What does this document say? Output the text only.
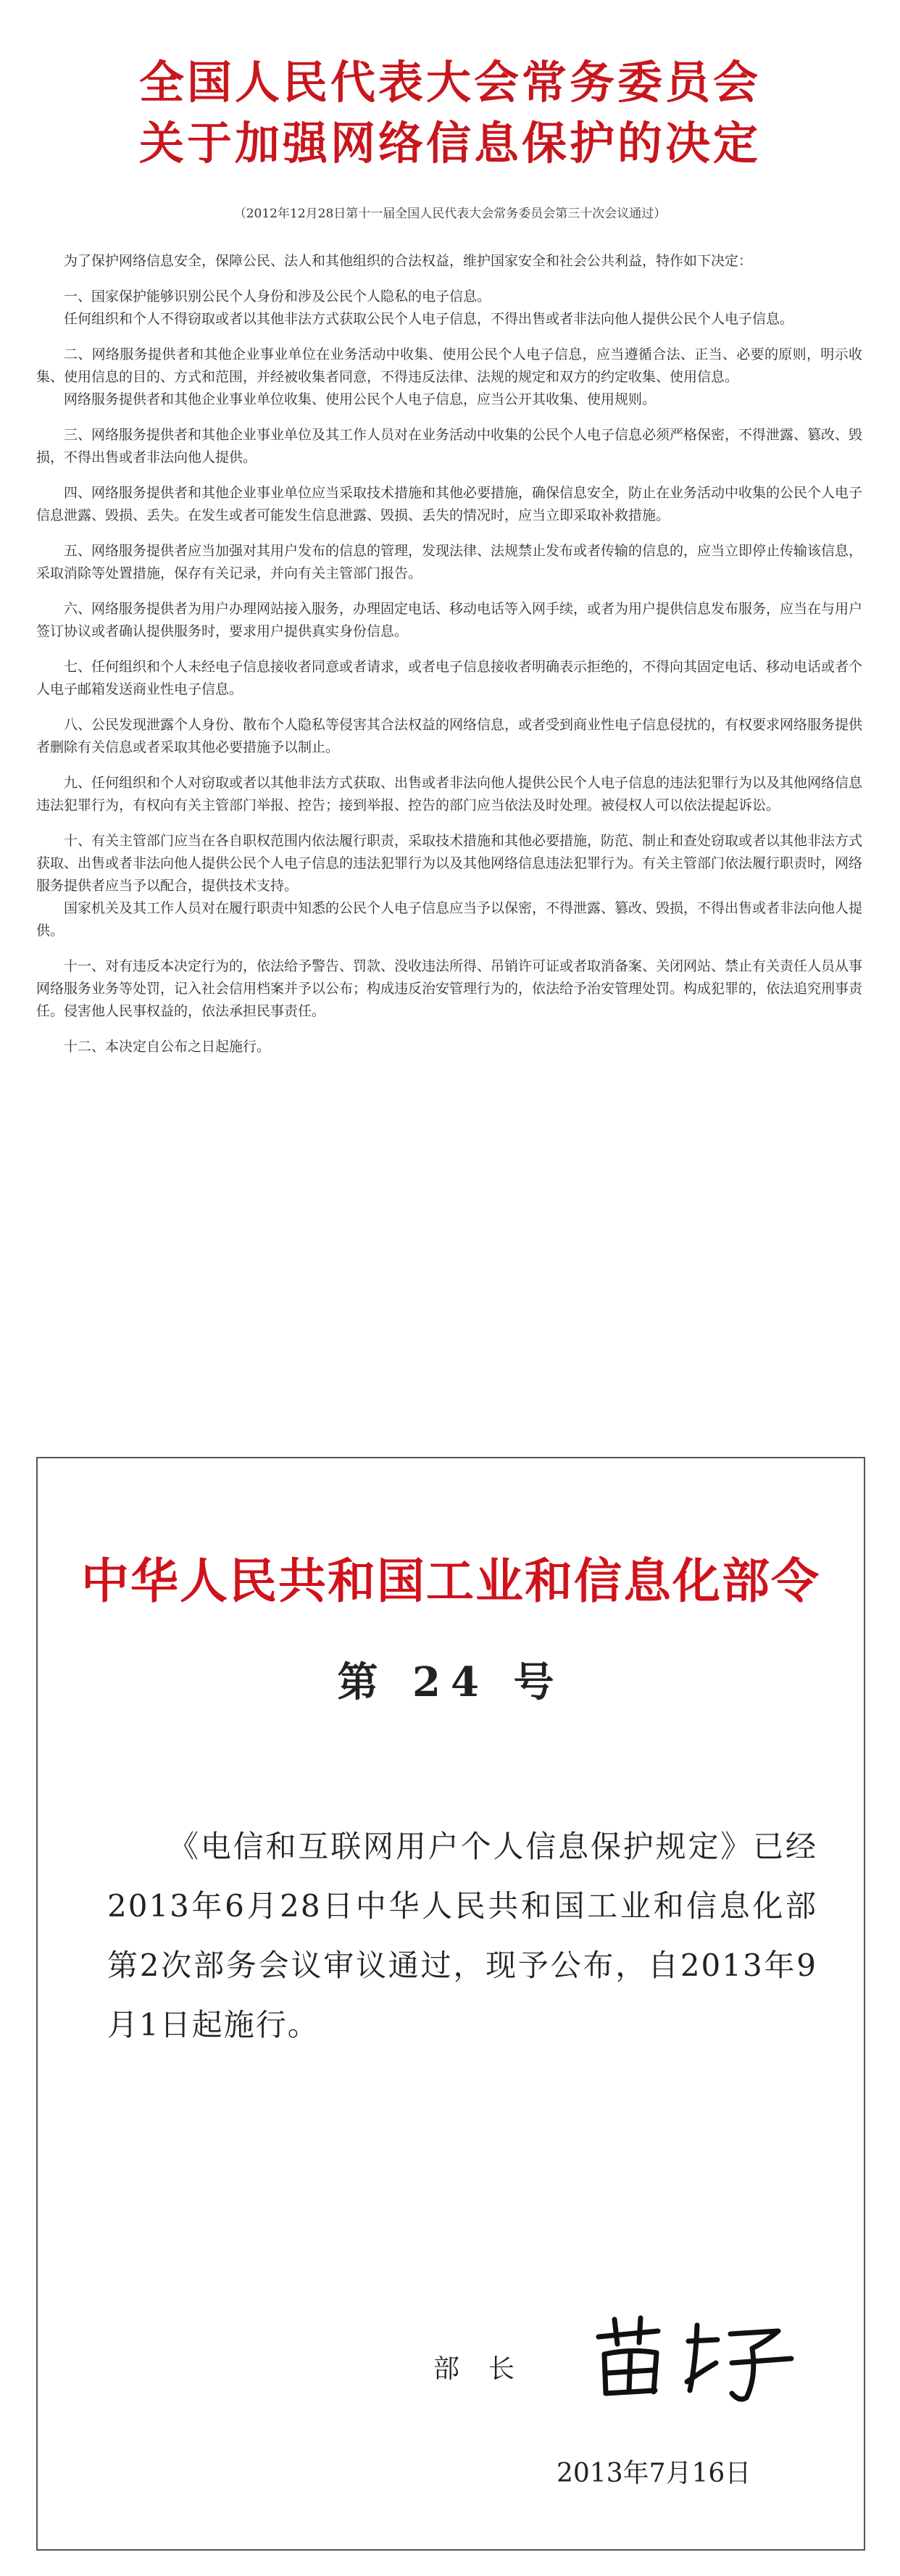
全国人民代表大会常务委员会
关于加强网络信息保护的决定
（2012年12月28日第十一届全国人民代表大会常务委员会第三十次会议通过）

为了保护网络信息安全，保障公民、法人和其他组织的合法权益，维护国家安全和社会公共利益，特作如下决定：

一、国家保护能够识别公民个人身份和涉及公民个人隐私的电子信息。

任何组织和个人不得窃取或者以其他非法方式获取公民个人电子信息，不得出售或者非法向他人提供公民个人电子信息。

二、网络服务提供者和其他企业事业单位在业务活动中收集、使用公民个人电子信息，应当遵循合法、正当、必要的原则，明示收集、使用信息的目的、方式和范围，并经被收集者同意，不得违反法律、法规的规定和双方的约定收集、使用信息。

网络服务提供者和其他企业事业单位收集、使用公民个人电子信息，应当公开其收集、使用规则。

三、网络服务提供者和其他企业事业单位及其工作人员对在业务活动中收集的公民个人电子信息必须严格保密，不得泄露、篡改、毁损，不得出售或者非法向他人提供。

四、网络服务提供者和其他企业事业单位应当采取技术措施和其他必要措施，确保信息安全，防止在业务活动中收集的公民个人电子信息泄露、毁损、丢失。在发生或者可能发生信息泄露、毁损、丢失的情况时，应当立即采取补救措施。

五、网络服务提供者应当加强对其用户发布的信息的管理，发现法律、法规禁止发布或者传输的信息的，应当立即停止传输该信息，采取消除等处置措施，保存有关记录，并向有关主管部门报告。

六、网络服务提供者为用户办理网站接入服务，办理固定电话、移动电话等入网手续，或者为用户提供信息发布服务，应当在与用户签订协议或者确认提供服务时，要求用户提供真实身份信息。

七、任何组织和个人未经电子信息接收者同意或者请求，或者电子信息接收者明确表示拒绝的，不得向其固定电话、移动电话或者个人电子邮箱发送商业性电子信息。

八、公民发现泄露个人身份、散布个人隐私等侵害其合法权益的网络信息，或者受到商业性电子信息侵扰的，有权要求网络服务提供者删除有关信息或者采取其他必要措施予以制止。

九、任何组织和个人对窃取或者以其他非法方式获取、出售或者非法向他人提供公民个人电子信息的违法犯罪行为以及其他网络信息违法犯罪行为，有权向有关主管部门举报、控告；接到举报、控告的部门应当依法及时处理。被侵权人可以依法提起诉讼。

十、有关主管部门应当在各自职权范围内依法履行职责，采取技术措施和其他必要措施，防范、制止和查处窃取或者以其他非法方式获取、出售或者非法向他人提供公民个人电子信息的违法犯罪行为以及其他网络信息违法犯罪行为。有关主管部门依法履行职责时，网络服务提供者应当予以配合，提供技术支持。

国家机关及其工作人员对在履行职责中知悉的公民个人电子信息应当予以保密，不得泄露、篡改、毁损，不得出售或者非法向他人提供。

十一、对有违反本决定行为的，依法给予警告、罚款、没收违法所得、吊销许可证或者取消备案、关闭网站、禁止有关责任人员从事网络服务业务等处罚，记入社会信用档案并予以公布；构成违反治安管理行为的，依法给予治安管理处罚。构成犯罪的，依法追究刑事责任。侵害他人民事权益的，依法承担民事责任。

十二、本决定自公布之日起施行。

中华人民共和国工业和信息化部令
第 24 号

《电信和互联网用户个人信息保护规定》已经2013年6月28日中华人民共和国工业和信息化部第2次部务会议审议通过，现予公布，自2013年9月1日起施行。

部长
2013年7月16日
